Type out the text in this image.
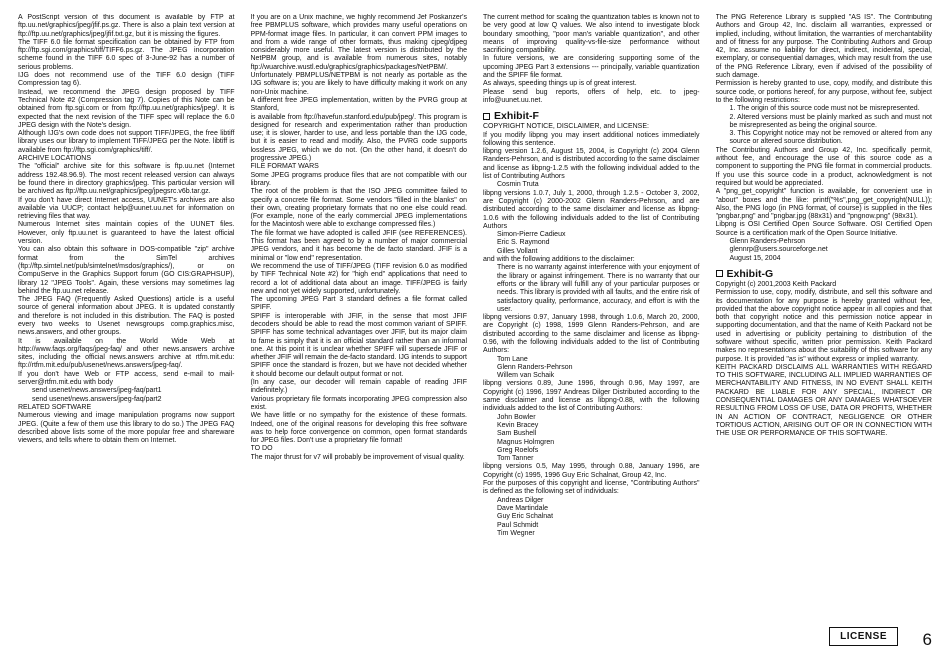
A PostScript version of this document is available by FTP at ftp.uu.net/graphics/jpeg/jfif.ps.gz. There is also a plain text version at ftp://ftp.uu.net/graphics/jpeg/jfif.txt.gz, but it is missing the figures.

The TIFF 6.0 file format specification can be obtained by FTP from ftp://ftp.sgi.com/graphics/tiff/TIFF6.ps.gz. The JPEG incorporation scheme found in the TIFF 6.0 spec of 3-June-92 has a number of serious problems.

IJG does not recommend use of the TIFF 6.0 design (TIFF Compression tag 6).

Instead, we recommend the JPEG design proposed by TIFF Technical Note #2 (Compression tag 7). Copies of this Note can be obtained from ftp.sgi.com or from ftp://ftp.uu.net/graphics/jpeg/. It is expected that the next revision of the TIFF spec will replace the 6.0 JPEG design with the Note's design.

Although IJG's own code does not support TIFF/JPEG, the free libtiff library uses our library to implement TIFF/JPEG per the Note. libtiff is available from ftp://ftp.sgi.com/graphics/tiff/.

ARCHIVE LOCATIONS

The "official" archive site for this software is ftp.uu.net (Internet address 192.48.96.9). The most recent released version can always be found there in directory graphics/jpeg. This particular version will be archived as ftp://ftp.uu.net/graphics/jpeg/jpegsrc.v6b.tar.gz.

If you don't have direct Internet access, UUNET's archives are also available via UUCP; contact help@uunet.uu.net for information on retrieving files that way.

Numerous Internet sites maintain copies of the UUNET files. However, only ftp.uu.net is guaranteed to have the latest official version.

You can also obtain this software in DOS-compatible "zip" archive format from the SimTel archives (ftp://ftp.simtel.net/pub/simtelnet/msdos/graphics/), or on CompuServe in the Graphics Support forum (GO CIS:GRAPHSUP), library 12 "JPEG Tools". Again, these versions may sometimes lag behind the ftp.uu.net release.

The JPEG FAQ (Frequently Asked Questions) article is a useful source of general information about JPEG. It is updated constantly and therefore is not included in this distribution. The FAQ is posted every two weeks to Usenet newsgroups comp.graphics.misc, news.answers, and other groups.

It is available on the World Wide Web at http://www.faqs.org/faqs/jpeg-faq/ and other news.answers archive sites, including the official news.answers archive at rtfm.mit.edu: ftp://rtfm.mit.edu/pub/usenet/news.answers/jpeg-faq/.

If you don't have Web or FTP access, send e-mail to mail-server@rtfm.mit.edu with body

send usenet/news.answers/jpeg-faq/part1

send usenet/news.answers/jpeg-faq/part2

RELATED SOFTWARE

Numerous viewing and image manipulation programs now support JPEG. (Quite a few of them use this library to do so.) The JPEG FAQ described above lists some of the more popular free and shareware viewers, and tells where to obtain them on Internet.

If you are on a Unix machine, we highly recommend Jef Poskanzer's free PBMPLUS software, which provides many useful operations on PPM-format image files. In particular, it can convert PPM images to and from a wide range of other formats, thus making cjpeg/djpeg considerably more useful. The latest version is distributed by the NetPBM group, and is available from numerous sites, notably ftp://wuarchive.wustl.edu/graphics/graphics/packages/NetPBM/.

Unfortunately PBMPLUS/NETPBM is not nearly as portable as the IJG software is; you are likely to have difficulty making it work on any non-Unix machine.

A different free JPEG implementation, written by the PVRG group at Stanford,

is available from ftp://havefun.stanford.edu/pub/jpeg/. This program is designed for research and experimentation rather than production use; it is slower, harder to use, and less portable than the IJG code, but it is easier to read and modify. Also, the PVRG code supports lossless JPEG, which we do not. (On the other hand, it doesn't do progressive JPEG.)

FILE FORMAT WARS

Some JPEG programs produce files that are not compatible with our library.

The root of the problem is that the ISO JPEG committee failed to specify a concrete file format. Some vendors "filled in the blanks" on their own, creating proprietary formats that no one else could read. (For example, none of the early commercial JPEG implementations for the Macintosh were able to exchange compressed files.)

The file format we have adopted is called JFIF (see REFERENCES). This format has been agreed to by a number of major commercial JPEG vendors, and it has become the de facto standard. JFIF is a minimal or "low end" representation.

We recommend the use of TIFF/JPEG (TIFF revision 6.0 as modified by TIFF Technical Note #2) for "high end" applications that need to record a lot of additional data about an image. TIFF/JPEG is fairly new and not yet widely supported, unfortunately.

The upcoming JPEG Part 3 standard defines a file format called SPIFF.

SPIFF is interoperable with JFIF, in the sense that most JFIF decoders should be able to read the most common variant of SPIFF. SPIFF has some technical advantages over JFIF, but its major claim to fame is simply that it is an official standard rather than an informal one. At this point it is unclear whether SPIFF will supersede JFIF or whether JFIF will remain the de-facto standard. IJG intends to support SPIFF once the standard is frozen, but we have not decided whether it should become our default output format or not.

(In any case, our decoder will remain capable of reading JFIF indefinitely.)

Various proprietary file formats incorporating JPEG compression also exist.

We have little or no sympathy for the existence of these formats. Indeed, one of the original reasons for developing this free software was to help force convergence on common, open format standards for JPEG files. Don't use a proprietary file format!

TO DO

The major thrust for v7 will probably be improvement of visual quality.

The current method for scaling the quantization tables is known not to be very good at low Q values. We also intend to investigate block boundary smoothing, "poor man's variable quantization", and other means of improving quality-vs-file-size performance without sacrificing compatibility.

In future versions, we are considering supporting some of the upcoming JPEG Part 3 extensions --- principally, variable quantization and the SPIFF file format.

As always, speeding things up is of great interest.

Please send bug reports, offers of help, etc. to jpeg-info@uunet.uu.net.

Exhibit-F

COPYRIGHT NOTICE, DISCLAIMER, and LICENSE:

If you modify libpng you may insert additional notices immediately following this sentence.

libpng version 1.2.6, August 15, 2004, is Copyright (c) 2004 Glenn Randers-Pehrson, and is distributed according to the same disclaimer and license as libpng-1.2.5 with the following individual added to the list of Contributing Authors

Cosmin Truta

libpng versions 1.0.7, July 1, 2000, through 1.2.5 - October 3, 2002, are Copyright (c) 2000-2002 Glenn Randers-Pehrson, and are distributed according to the same disclaimer and license as libpng-1.0.6 with the following individuals added to the list of Contributing Authors

Simon-Pierre Cadieux

Eric S. Raymond

Gilles Vollant

and with the following additions to the disclaimer:

There is no warranty against interference with your enjoyment of the library or against infringement. There is no warranty that our efforts or the library will fulfill any of your particular purposes or needs. This library is provided with all faults, and the entire risk of satisfactory quality, performance, accuracy, and effort is with the user.

libpng versions 0.97, January 1998, through 1.0.6, March 20, 2000, are Copyright (c) 1998, 1999 Glenn Randers-Pehrson, and are distributed according to the same disclaimer and license as libpng-0.96, with the following individuals added to the list of Contributing Authors:

Tom Lane

Glenn Randers-Pehrson

Willem van Schaik

libpng versions 0.89, June 1996, through 0.96, May 1997, are Copyright (c) 1996, 1997 Andreas Dilger Distributed according to the same disclaimer and license as libpng-0.88, with the following individuals added to the list of Contributing Authors:

John Bowler

Kevin Bracey

Sam Bushell

Magnus Holmgren

Greg Roelofs

Tom Tanner

libpng versions 0.5, May 1995, through 0.88, January 1996, are Copyright (c) 1995, 1996 Guy Eric Schalnat, Group 42, Inc.

For the purposes of this copyright and license, "Contributing Authors" is defined as the following set of individuals:

Andreas Dilger

Dave Martindale

Guy Eric Schalnat

Paul Schmidt

Tim Wegner

The PNG Reference Library is supplied "AS IS". The Contributing Authors and Group 42, Inc. disclaim all warranties, expressed or implied, including, without limitation, the warranties of merchantability and of fitness for any purpose. The Contributing Authors and Group 42, Inc. assume no liability for direct, indirect, incidental, special, exemplary, or consequential damages, which may result from the use of the PNG Reference Library, even if advised of the possibility of such damage.

Permission is hereby granted to use, copy, modify, and distribute this source code, or portions hereof, for any purpose, without fee, subject to the following restrictions:

1. The origin of this source code must not be misrepresented.

2. Altered versions must be plainly marked as such and must not be misrepresented as being the original source.

3. This Copyright notice may not be removed or altered from any source or altered source distribution.

The Contributing Authors and Group 42, Inc. specifically permit, without fee, and encourage the use of this source code as a component to supporting the PNG file format in commercial products. If you use this source code in a product, acknowledgment is not required but would be appreciated.

A "png_get_copyright" function is available, for convenient use in "about" boxes and the like: printf("%s",png_get_copyright(NULL)); Also, the PNG logo (in PNG format, of course) is supplied in the files "pngbar.png" and "pngbar.jpg (88x31) and "pngnow.png" (98x31).

Libpng is OSI Certified Open Source Software. OSI Certified Open Source is a certification mark of the Open Source Initiative.

Glenn Randers-Pehrson

glennrp@users.sourceforge.net

August 15, 2004

Exhibit-G

Copyright (c) 2001,2003 Keith Packard

Permission to use, copy, modify, distribute, and sell this software and its documentation for any purpose is hereby granted without fee, provided that the above copyright notice appear in all copies and that both that copyright notice and this permission notice appear in supporting documentation, and that the name of Keith Packard not be used in advertising or publicity pertaining to distribution of the software without specific, written prior permission. Keith Packard makes no representations about the suitability of this software for any purpose. It is provided "as is" without express or implied warranty.

KEITH PACKARD DISCLAIMS ALL WARRANTIES WITH REGARD TO THIS SOFTWARE, INCLUDING ALL IMPLIED WARRANTIES OF MERCHANTABILITY AND FITNESS, IN NO EVENT SHALL KEITH PACKARD BE LIABLE FOR ANY SPECIAL, INDIRECT OR CONSEQUENTIAL DAMAGES OR ANY DAMAGES WHATSOEVER RESULTING FROM LOSS OF USE, DATA OR PROFITS, WHETHER IN AN ACTION OF CONTRACT, NEGLIGENCE OR OTHER TORTIOUS ACTION, ARISING OUT OF OR IN CONNECTION WITH THE USE OR PERFORMANCE OF THIS SOFTWARE.

LICENSE	6
